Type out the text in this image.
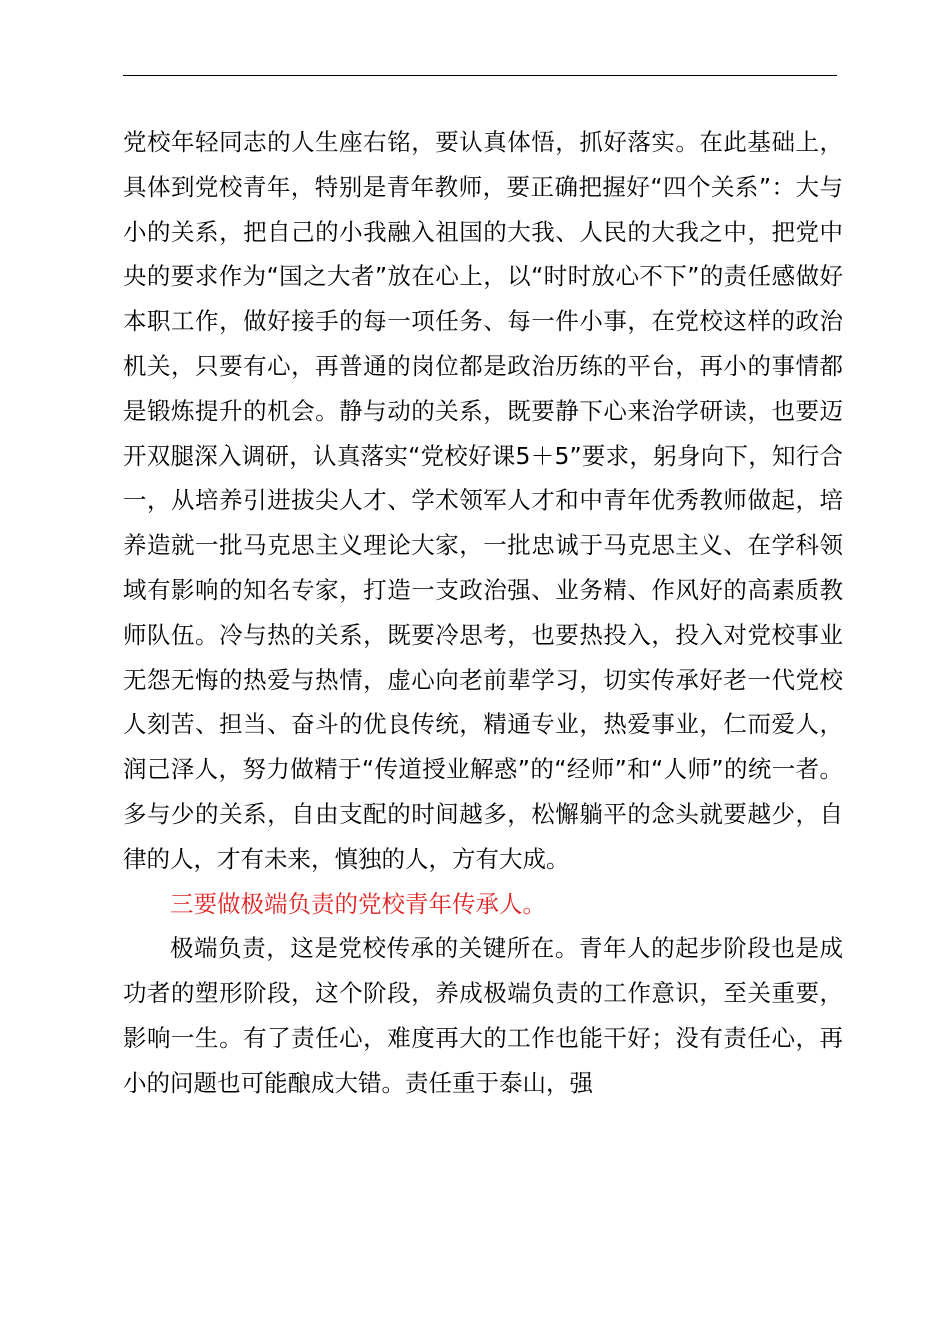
党校年轻同志的人生座右铭，要认真体悟，抓好落实。在此基础上，具体到党校青年，特别是青年教师，要正确把握好“四个关系”：大与小的关系，把自己的小我融入祖国的大我、人民的大我之中，把党中央的要求作为“国之大者”放在心上，以“时时放心不下”的责任感做好本职工作，做好接手的每一项任务、每一件小事，在党校这样的政治机关，只要有心，再普通的岗位都是政治历练的平台，再小的事情都是锻炼提升的机会。静与动的关系，既要静下心来治学研读，也要迈开双腿深入调研，认真落实“党校好课5＋5”要求，躬身向下，知行合一，从培养引进拔尖人才、学术领军人才和中青年优秀教师做起，培养造就一批马克思主义理论大家，一批忠诚于马克思主义、在学科领域有影响的知名专家，打造一支政治强、业务精、作风好的高素质教师队伍。冷与热的关系，既要冷思考，也要热投入，投入对党校事业无怨无悔的热爱与热情，虚心向老前辈学习，切实传承好老一代党校人刻苦、担当、奋斗的优良传统，精通专业，热爱事业，仁而爱人，润己泽人，努力做精于“传道授业解惑”的“经师”和“人师”的统一者。多与少的关系，自由支配的时间越多，松懈躺平的念头就要越少，自律的人，才有未来，慎独的人，方有大成。

三要做极端负责的党校青年传承人。

极端负责，这是党校传承的关键所在。青年人的起步阶段也是成功者的塑形阶段，这个阶段，养成极端负责的工作意识，至关重要，影响一生。有了责任心，难度再大的工作也能干好；没有责任心，再小的问题也可能酿成大错。责任重于泰山，强
